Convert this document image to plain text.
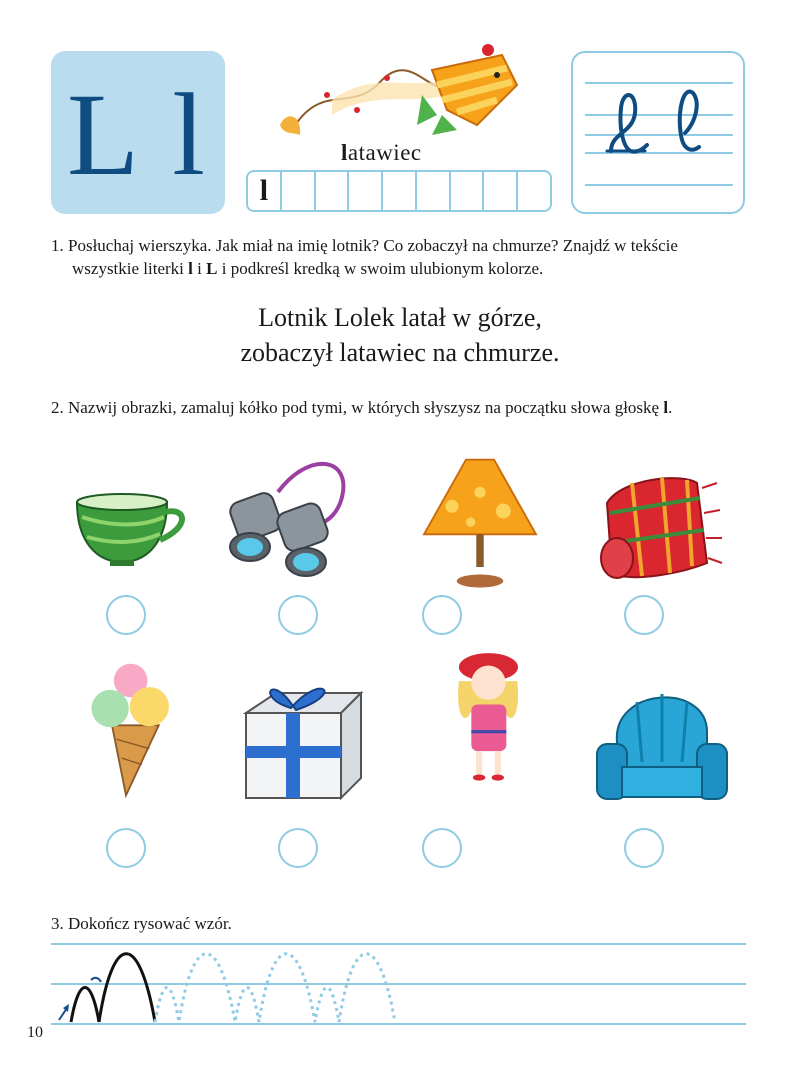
L l	latawiec
l
1. Posłuchaj wierszyka. Jak miał na imię lotnik? Co zobaczył na chmurze? Znajdź w tekście
wszystkie literki l i L i podkreśl kredką w swoim ulubionym kolorze.
Lotnik Lolek latał w górze,
zobaczył latawiec na chmurze.
2. Nazwij obrazki, zamaluj kółko pod tymi, w których słyszysz na początku słowa głoskę l.
3. Dokończ rysować wzór.
10
